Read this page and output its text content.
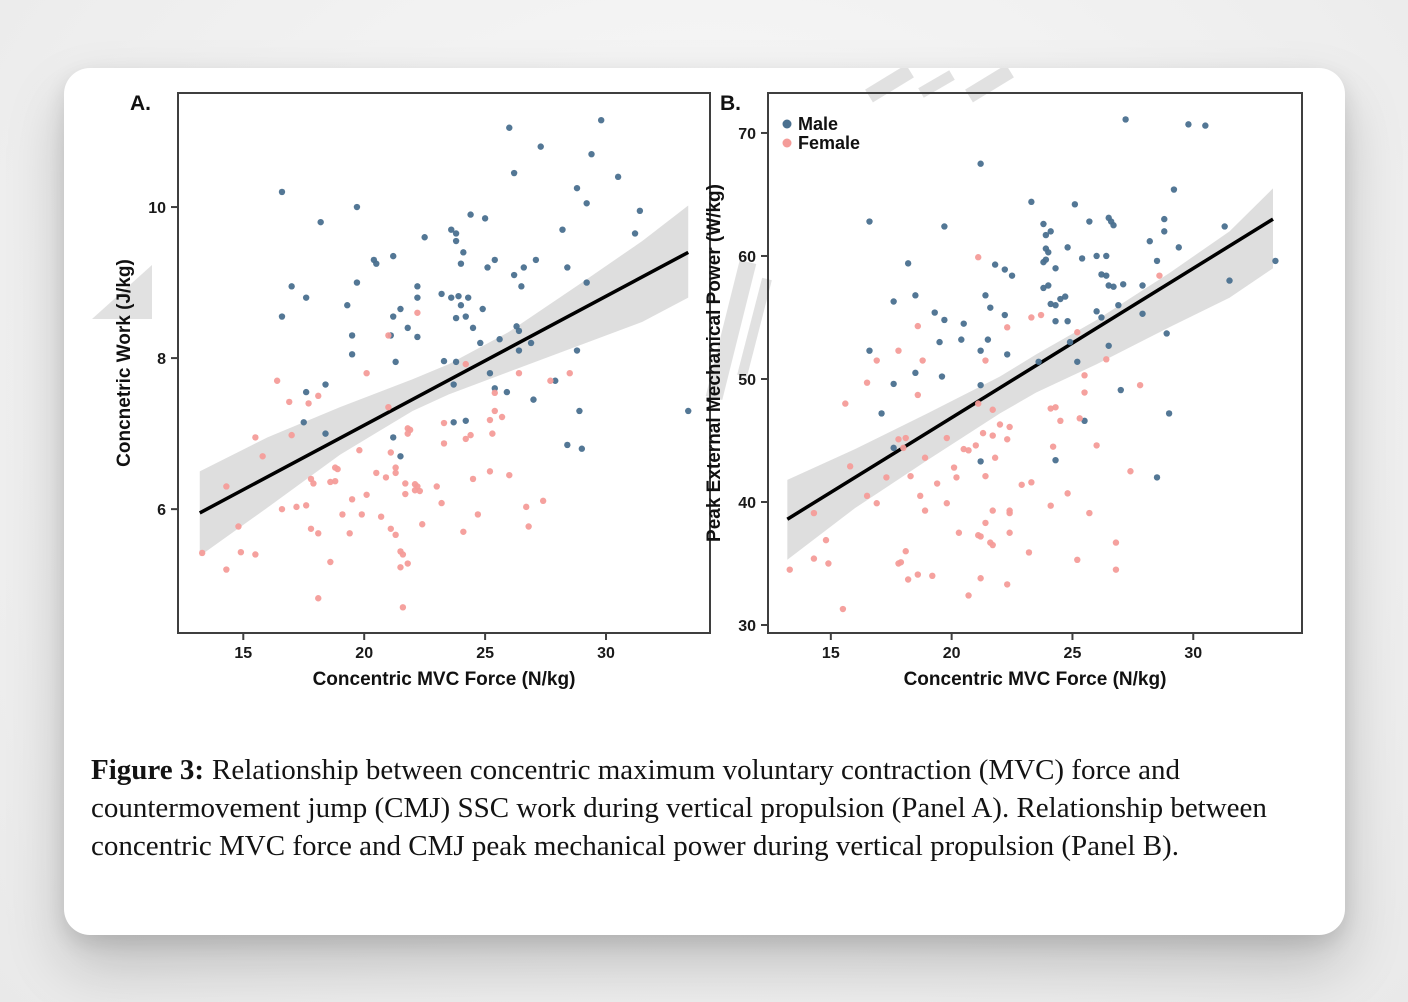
15	20	25	30
6
8
10
Concentric MVC Force (N/kg)
Concnetric Work (J/kg)
A.
15	20	25	30
30
40
50
60
70
Concentric MVC Force (N/kg)
Peak External Mechanical Power (W/kg)
B.
Male
Female
Figure 3: Relationship between concentric maximum voluntary contraction (MVC) force and countermovement jump (CMJ) SSC work during vertical propulsion (Panel A). Relationship between concentric MVC force and CMJ peak mechanical power during vertical propulsion (Panel B).
